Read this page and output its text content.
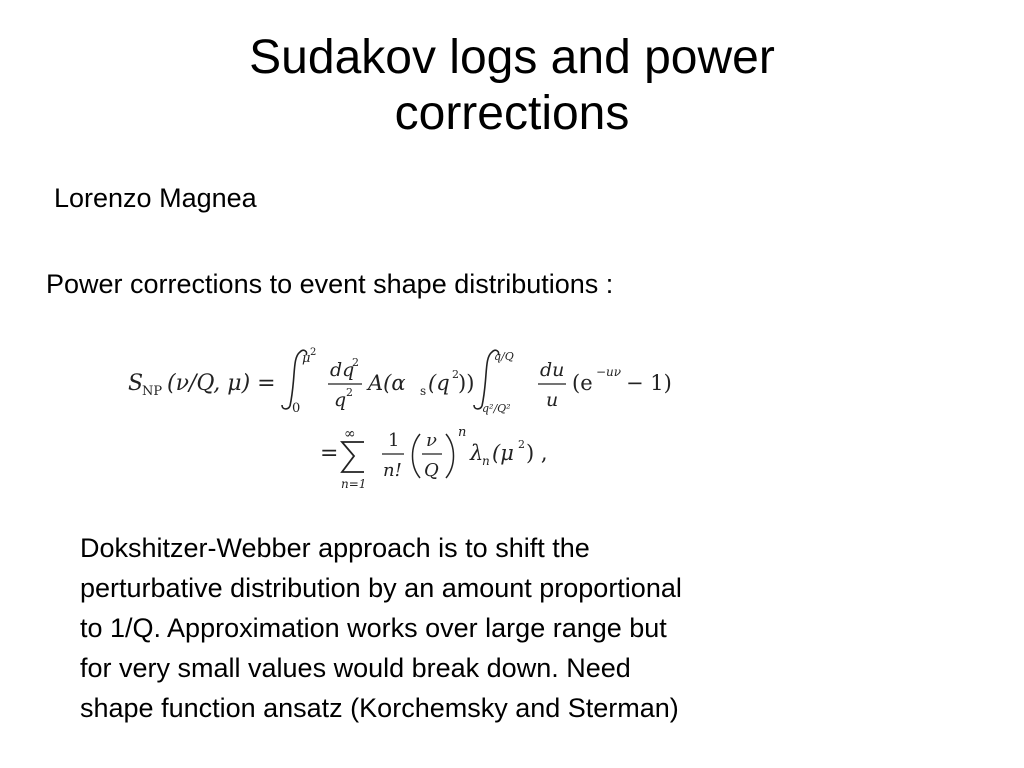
Sudakov logs and power
corrections
Lorenzo Magnea
Power corrections to event shape distributions :
S
NP (ν/Q, μ) =
μ 2
0
dq
2
q 2 A(α s (q 2 ))
q/Q
q²/Q²
du
u
(e −uν − 1)
=
∞
n=1
1
n!
ν
Q
n
λ
n (μ 2 ) ,
Dokshitzer-Webber approach is to shift the
perturbative distribution by an amount proportional
to 1/Q. Approximation works over large range but
for very small values would break down. Need
shape function ansatz (Korchemsky and Sterman)
